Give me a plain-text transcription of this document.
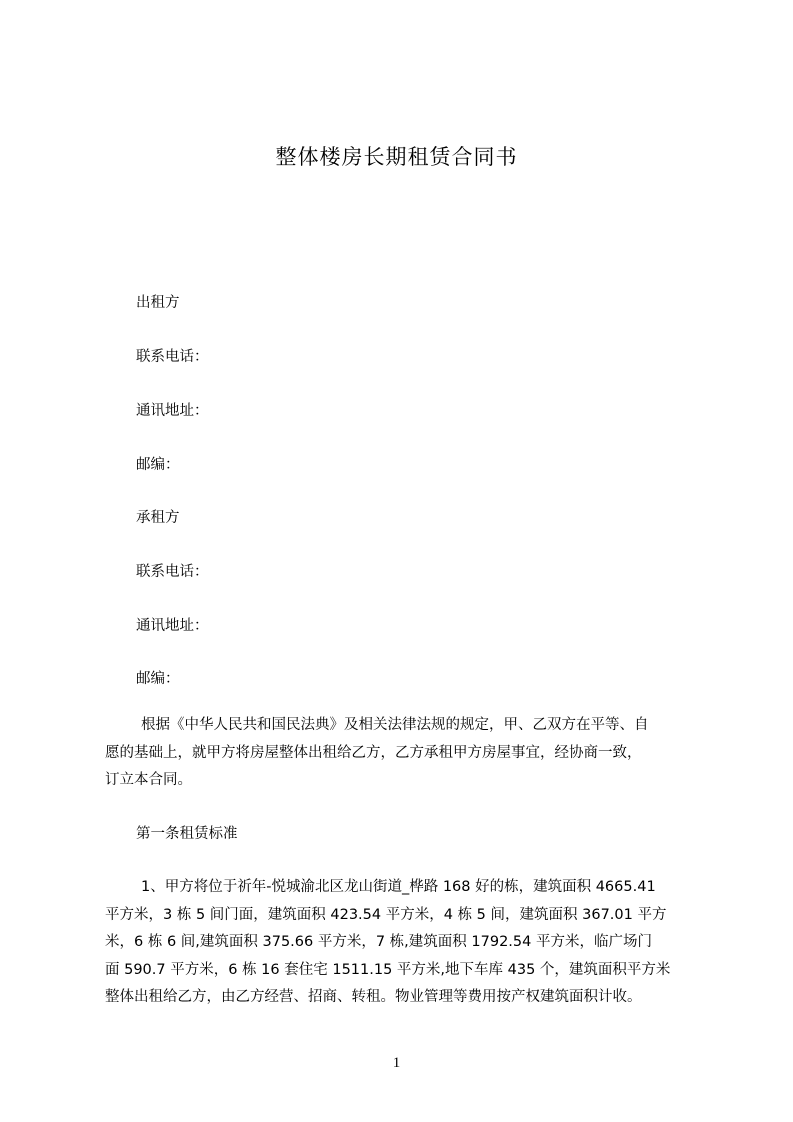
整体楼房长期租赁合同书
出租方
联系电话：
通讯地址：
邮编：
承租方
联系电话：
通讯地址：
邮编：

根据《中华人民共和国民法典》及相关法律法规的规定，甲、乙双方在平等、自

愿的基础上，就甲方将房屋整体出租给乙方，乙方承租甲方房屋事宜，经协商一致，

订立本合同。

第一条租赁标准

1、甲方将位于祈年-悦城渝北区龙山街道_桦路 168 好的栋，建筑面积 4665.41

平方米，3 栋 5 间门面，建筑面积 423.54 平方米，4 栋 5 间，建筑面积 367.01 平方

米，6 栋 6 间,建筑面积 375.66 平方米，7 栋,建筑面积 1792.54 平方米，临广场门

面 590.7 平方米，6 栋 16 套住宅 1511.15 平方米,地下车库 435 个，建筑面积平方米

整体出租给乙方，由乙方经营、招商、转租。物业管理等费用按产权建筑面积计收。

1
